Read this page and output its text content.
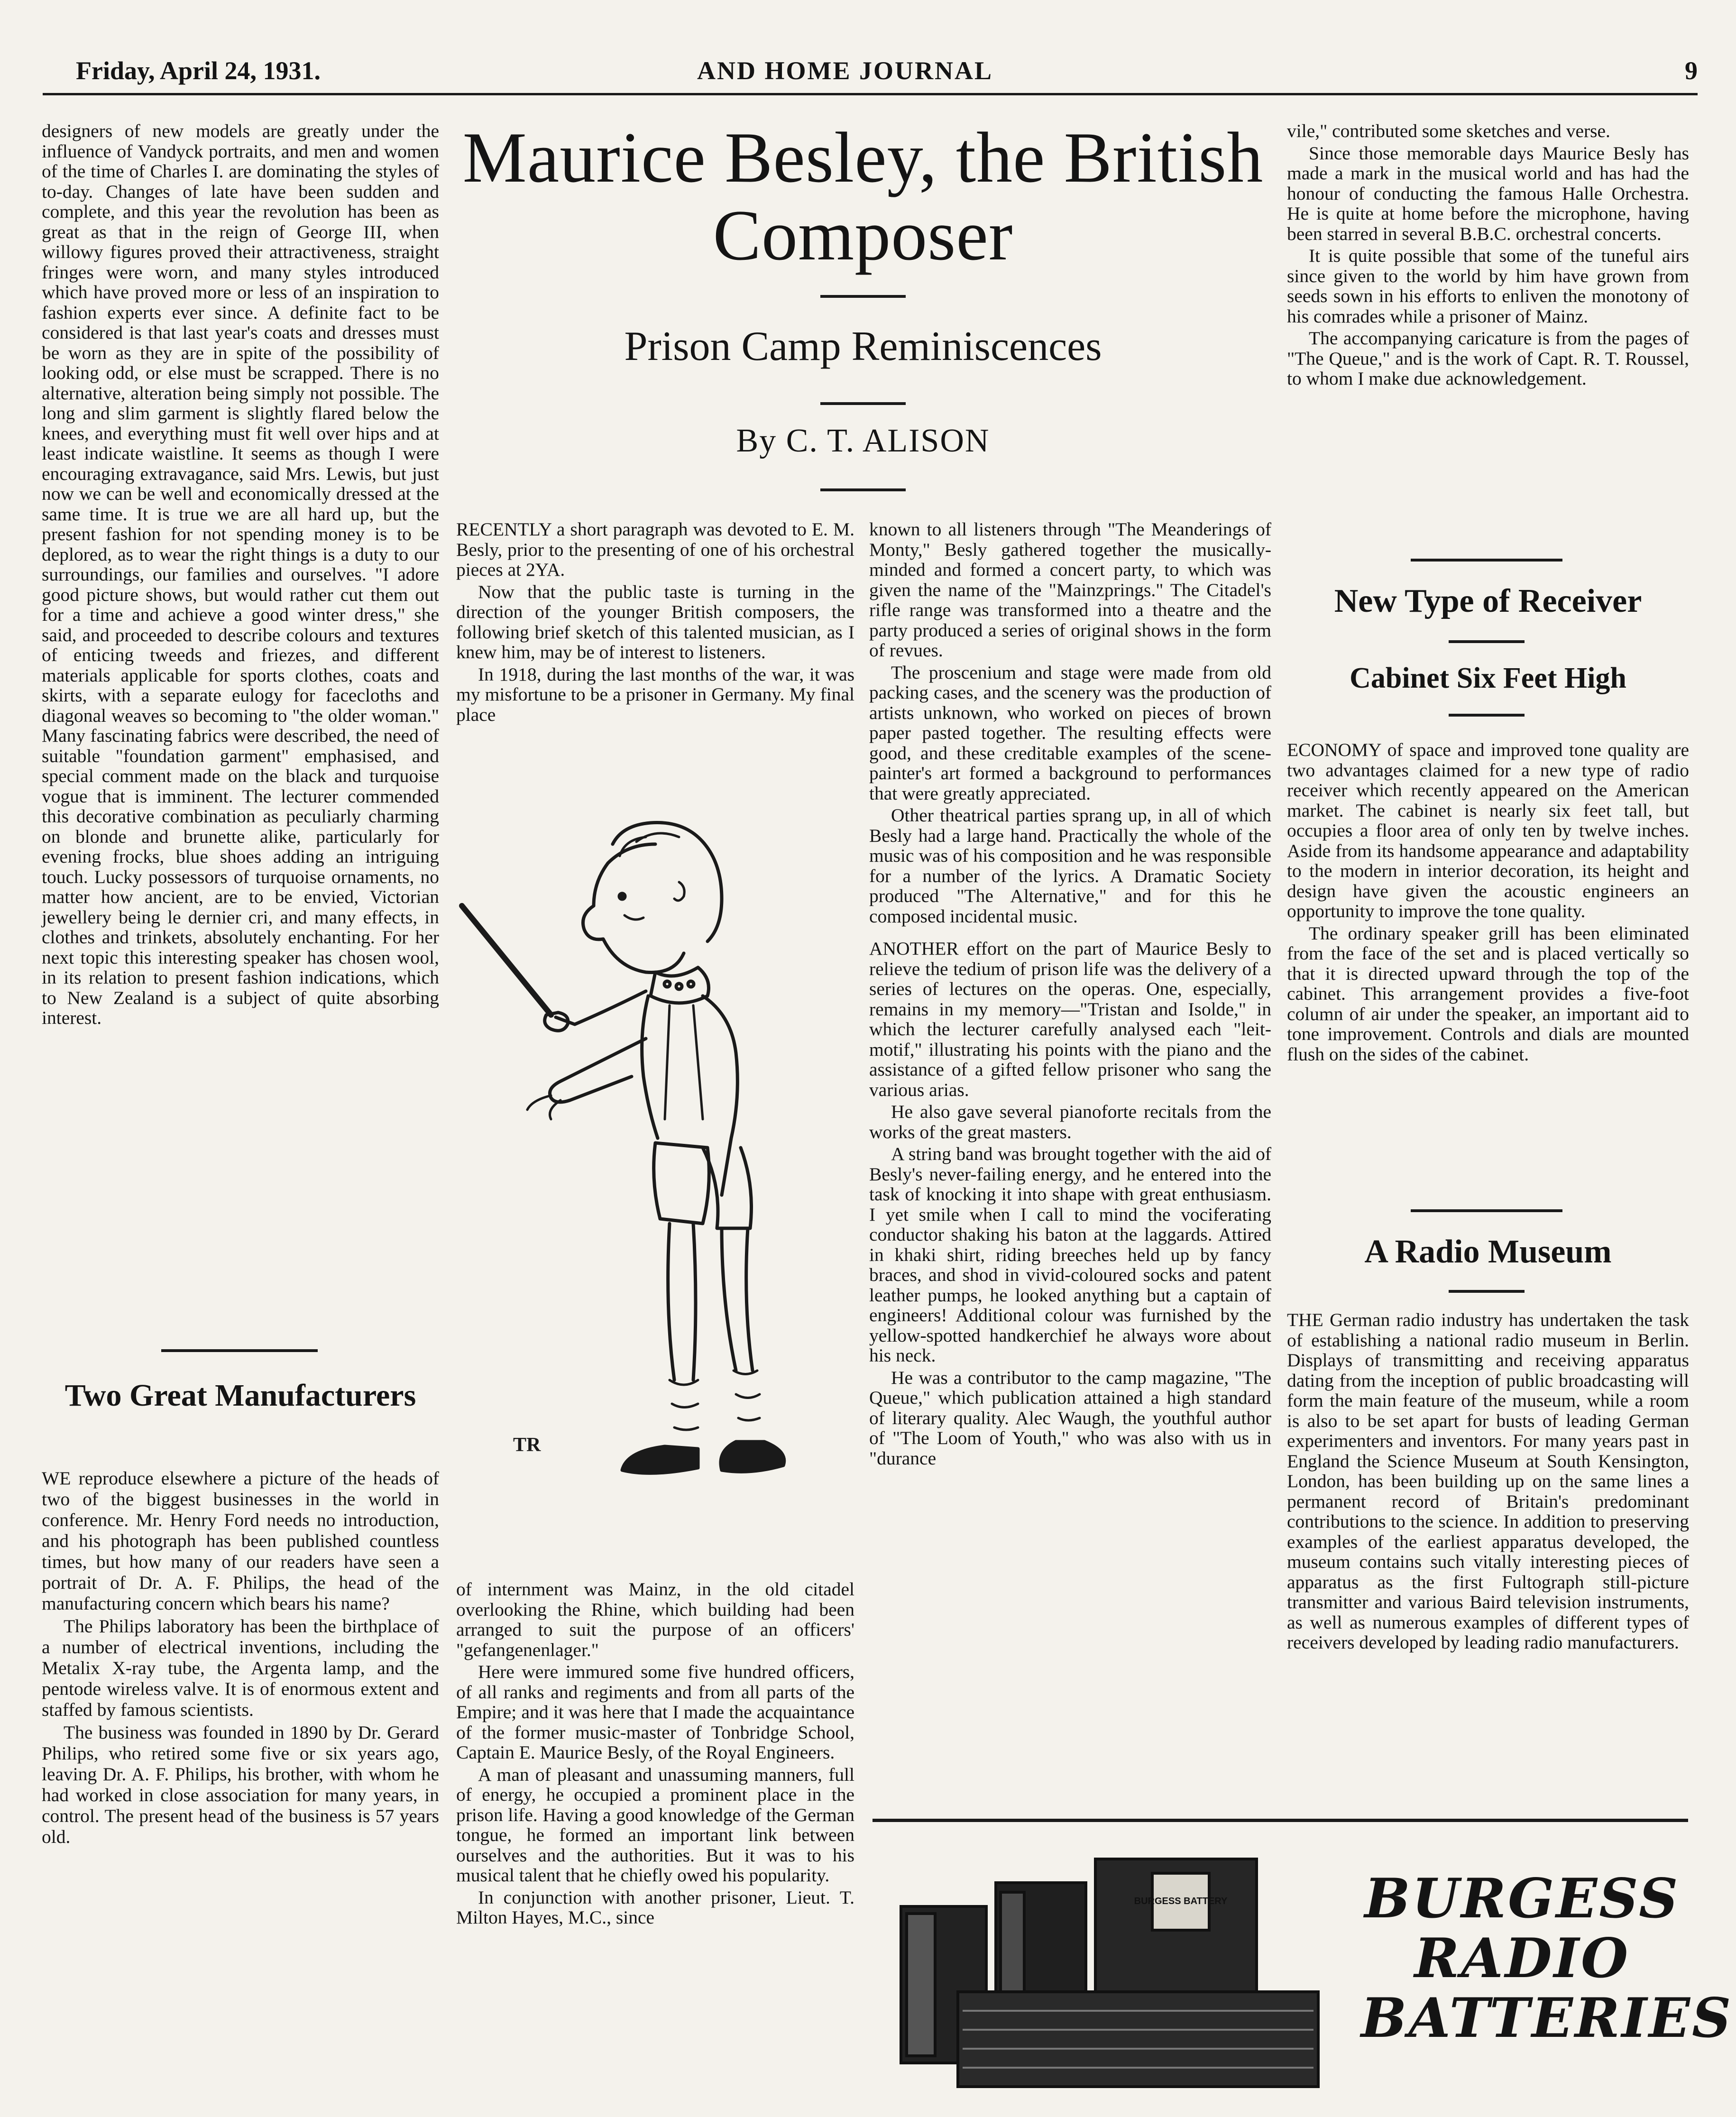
Friday, April 24, 1931.	AND HOME JOURNAL	9

designers of new models are greatly under the influence of Vandyck portraits, and men and women of the time of Charles I. are dominating the styles of to-day. Changes of late have been sudden and complete, and this year the revolution has been as great as that in the reign of George III, when willowy figures proved their attractiveness, straight fringes were worn, and many styles introduced which have proved more or less of an inspiration to fashion experts ever since. A definite fact to be considered is that last year's coats and dresses must be worn as they are in spite of the possibility of looking odd, or else must be scrapped. There is no alternative, alteration being simply not possible. The long and slim garment is slightly flared below the knees, and everything must fit well over hips and at least indicate waistline. It seems as though I were encouraging extravagance, said Mrs. Lewis, but just now we can be well and economically dressed at the same time. It is true we are all hard up, but the present fashion for not spending money is to be deplored, as to wear the right things is a duty to our surroundings, our families and ourselves. "I adore good picture shows, but would rather cut them out for a time and achieve a good winter dress," she said, and proceeded to describe colours and textures of enticing tweeds and friezes, and different materials applicable for sports clothes, coats and skirts, with a separate eulogy for facecloths and diagonal weaves so becoming to "the older woman." Many fascinating fabrics were described, the need of suitable "foundation garment" emphasised, and special comment made on the black and turquoise vogue that is imminent. The lecturer commended this decorative combination as peculiarly charming on blonde and brunette alike, particularly for evening frocks, blue shoes adding an intriguing touch. Lucky possessors of turquoise ornaments, no matter how ancient, are to be envied, Victorian jewellery being le dernier cri, and many effects, in clothes and trinkets, absolutely enchanting. For her next topic this interesting speaker has chosen wool, in its relation to present fashion indications, which to New Zealand is a subject of quite absorbing interest.

Two Great Manufacturers

WE reproduce elsewhere a picture of the heads of two of the biggest businesses in the world in conference. Mr. Henry Ford needs no introduction, and his photograph has been published countless times, but how many of our readers have seen a portrait of Dr. A. F. Philips, the head of the manufacturing concern which bears his name?

The Philips laboratory has been the birthplace of a number of electrical inventions, including the Metalix X-ray tube, the Argenta lamp, and the pentode wireless valve. It is of enormous extent and staffed by famous scientists.

The business was founded in 1890 by Dr. Gerard Philips, who retired some five or six years ago, leaving Dr. A. F. Philips, his brother, with whom he had worked in close association for many years, in control. The present head of the business is 57 years old.

Maurice Besley, the British Composer
Prison Camp Reminiscences
By C. T. ALISON

RECENTLY a short paragraph was devoted to E. M. Besly, prior to the presenting of one of his orchestral pieces at 2YA.

Now that the public taste is turning in the direction of the younger British composers, the following brief sketch of this talented musician, as I knew him, may be of interest to listeners.

In 1918, during the last months of the war, it was my misfortune to be a prisoner in Germany. My final place

TR

of internment was Mainz, in the old citadel overlooking the Rhine, which building had been arranged to suit the purpose of an officers' "gefangenenlager."

Here were immured some five hundred officers, of all ranks and regiments and from all parts of the Empire; and it was here that I made the acquaintance of the former music-master of Tonbridge School, Captain E. Maurice Besly, of the Royal Engineers.

A man of pleasant and unassuming manners, full of energy, he occupied a prominent place in the prison life. Having a good knowledge of the German tongue, he formed an important link between ourselves and the authorities. But it was to his musical talent that he chiefly owed his popularity.

In conjunction with another prisoner, Lieut. T. Milton Hayes, M.C., since

known to all listeners through "The Meanderings of Monty," Besly gathered together the musically-minded and formed a concert party, to which was given the name of the "Mainzprings." The Citadel's rifle range was transformed into a theatre and the party produced a series of original shows in the form of revues.

The proscenium and stage were made from old packing cases, and the scenery was the production of artists unknown, who worked on pieces of brown paper pasted together. The resulting effects were good, and these creditable examples of the scene-painter's art formed a background to performances that were greatly appreciated.

Other theatrical parties sprang up, in all of which Besly had a large hand. Practically the whole of the music was of his composition and he was responsible for a number of the lyrics. A Dramatic Society produced "The Alternative," and for this he composed incidental music.

ANOTHER effort on the part of Maurice Besly to relieve the tedium of prison life was the delivery of a series of lectures on the operas. One, especially, remains in my memory—"Tristan and Isolde," in which the lecturer carefully analysed each "leit-motif," illustrating his points with the piano and the assistance of a gifted fellow prisoner who sang the various arias.

He also gave several pianoforte recitals from the works of the great masters.

A string band was brought together with the aid of Besly's never-failing energy, and he entered into the task of knocking it into shape with great enthusiasm. I yet smile when I call to mind the vociferating conductor shaking his baton at the laggards. Attired in khaki shirt, riding breeches held up by fancy braces, and shod in vivid-coloured socks and patent leather pumps, he looked anything but a captain of engineers! Additional colour was furnished by the yellow-spotted handkerchief he always wore about his neck.

He was a contributor to the camp magazine, "The Queue," which publication attained a high standard of literary quality. Alec Waugh, the youthful author of "The Loom of Youth," who was also with us in "durance

vile," contributed some sketches and verse.

Since those memorable days Maurice Besly has made a mark in the musical world and has had the honour of conducting the famous Halle Orchestra. He is quite at home before the microphone, having been starred in several B.B.C. orchestral concerts.

It is quite possible that some of the tuneful airs since given to the world by him have grown from seeds sown in his efforts to enliven the monotony of his comrades while a prisoner of Mainz.

The accompanying caricature is from the pages of "The Queue," and is the work of Capt. R. T. Roussel, to whom I make due acknowledgement.

New Type of Receiver
Cabinet Six Feet High

ECONOMY of space and improved tone quality are two advantages claimed for a new type of radio receiver which recently appeared on the American market. The cabinet is nearly six feet tall, but occupies a floor area of only ten by twelve inches. Aside from its handsome appearance and adaptability to the modern in interior decoration, its height and design have given the acoustic engineers an opportunity to improve the tone quality.

The ordinary speaker grill has been eliminated from the face of the set and is placed vertically so that it is directed upward through the top of the cabinet. This arrangement provides a five-foot column of air under the speaker, an important aid to tone improvement. Controls and dials are mounted flush on the sides of the cabinet.

A Radio Museum

THE German radio industry has undertaken the task of establishing a national radio museum in Berlin. Displays of transmitting and receiving apparatus dating from the inception of public broadcasting will form the main feature of the museum, while a room is also to be set apart for busts of leading German experimenters and inventors. For many years past in England the Science Museum at South Kensington, London, has been building up on the same lines a permanent record of Britain's predominant contributions to the science. In addition to preserving examples of the earliest apparatus developed, the museum contains such vitally interesting pieces of apparatus as the first Fultograph still-picture transmitter and various Baird television instruments, as well as numerous examples of different types of receivers developed by leading radio manufacturers.

BURGESS BATTERY	BURGESS
RADIO
BATTERIES
